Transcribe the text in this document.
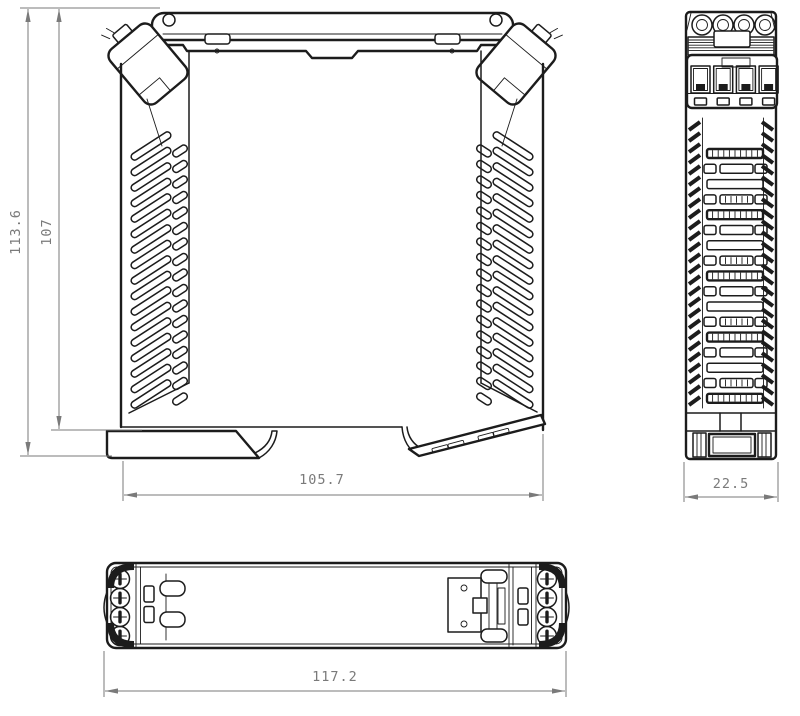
113.6 107
105.7	22.5
117.2
